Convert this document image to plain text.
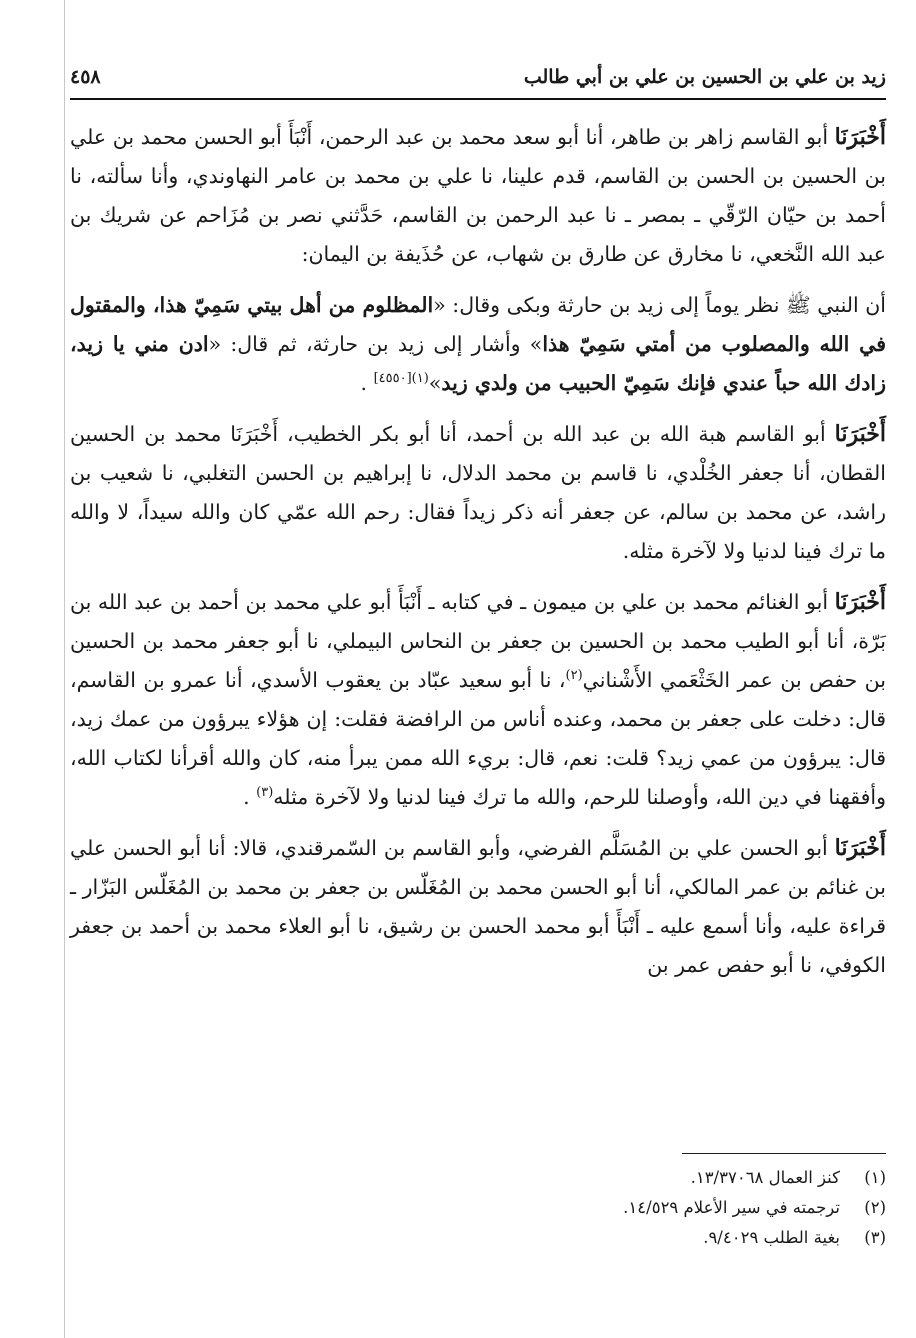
زيد بن علي بن الحسين بن علي بن أبي طالب
٤٥٨

أَخْبَرَنَا أبو القاسم زاهر بن طاهر، أنا أبو سعد محمد بن عبد الرحمن، أَنْبَأَ أبو الحسن محمد بن علي بن الحسين بن الحسن بن القاسم، قدم علينا، نا علي بن محمد بن عامر النهاوندي، وأنا سألته، نا أحمد بن حيّان الرّقّي ـ بمصر ـ نا عبد الرحمن بن القاسم، حَدَّثني نصر بن مُزَاحم عن شريك بن عبد الله النَّخعي، نا مخارق عن طارق بن شهاب، عن حُذَيفة بن اليمان:

أن النبي ﷺ نظر يوماً إلى زيد بن حارثة وبكى وقال: «المظلوم من أهل بيتي سَمِيّ هذا، والمقتول في الله والمصلوب من أمتي سَمِيّ هذا» وأشار إلى زيد بن حارثة، ثم قال: «ادن مني يا زيد، زادك الله حباً عندي فإنك سَمِيّ الحبيب من ولدي زيد»$^{(١)[٤٥٥٠]}$ .

أَخْبَرَنَا أبو القاسم هبة الله بن عبد الله بن أحمد، أنا أبو بكر الخطيب، أَخْبَرَنَا محمد بن الحسين القطان، أنا جعفر الخُلْدي، نا قاسم بن محمد الدلال، نا إبراهيم بن الحسن التغلبي، نا شعيب بن راشد، عن محمد بن سالم، عن جعفر أنه ذكر زيداً فقال: رحم الله عمّي كان والله سيداً، لا والله ما ترك فينا لدنيا ولا لآخرة مثله.

أَخْبَرَنَا أبو الغنائم محمد بن علي بن ميمون ـ في كتابه ـ أَنْبَأَ أبو علي محمد بن أحمد بن عبد الله بن بَرّة، أنا أبو الطيب محمد بن الحسين بن جعفر بن النحاس البيملي، نا أبو جعفر محمد بن الحسين بن حفص بن عمر الخَثْعَمي الأَشْناني$^{(٢)}$، نا أبو سعيد عبّاد بن يعقوب الأسدي، أنا عمرو بن القاسم، قال: دخلت على جعفر بن محمد، وعنده أناس من الرافضة فقلت: إن هؤلاء يبرؤون من عمك زيد، قال: يبرؤون من عمي زيد؟ قلت: نعم، قال: بريء الله ممن يبرأ منه، كان والله أقرأنا لكتاب الله، وأفقهنا في دين الله، وأوصلنا للرحم، والله ما ترك فينا لدنيا ولا لآخرة مثله$^{(٣)}$ .

أَخْبَرَنَا أبو الحسن علي بن المُسَلَّم الفرضي، وأبو القاسم بن السّمرقندي، قالا: أنا أبو الحسن علي بن غنائم بن عمر المالكي، أنا أبو الحسن محمد بن المُغَلّس بن جعفر بن محمد بن المُغَلّس البَزّار ـ قراءة عليه، وأنا أسمع عليه ـ أَنْبَأَ أبو محمد الحسن بن رشيق، نا أبو العلاء محمد بن أحمد بن جعفر الكوفي، نا أبو حفص عمر بن

(١)
كنز العمال ١٣/٣٧٠٦٨.
(٢)
ترجمته في سير الأعلام ١٤/٥٢٩.
(٣)
بغية الطلب ٩/٤٠٢٩.
